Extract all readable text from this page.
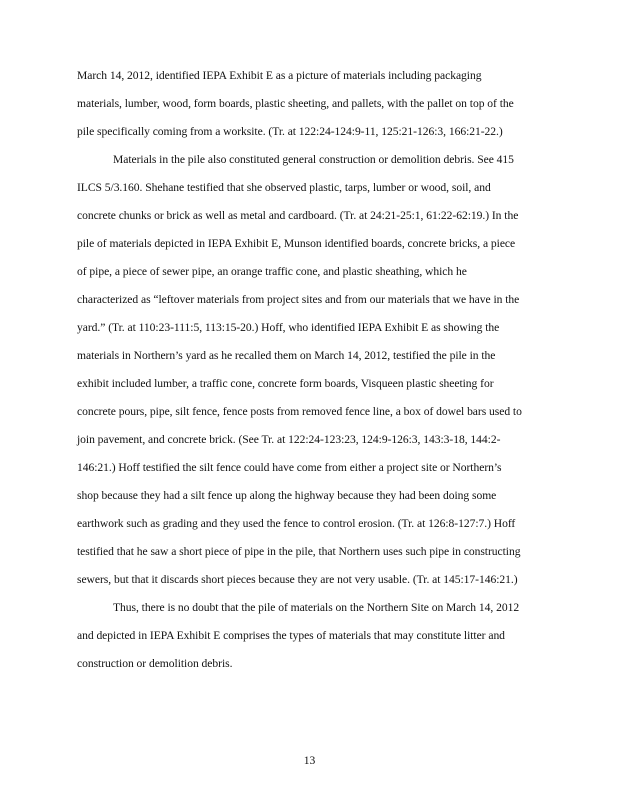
March 14, 2012, identified IEPA Exhibit E as a picture of materials including packaging
materials, lumber, wood, form boards, plastic sheeting, and pallets, with the pallet on top of the
pile specifically coming from a worksite. (Tr. at 122:24-124:9-11, 125:21-126:3, 166:21-22.)
Materials in the pile also constituted general construction or demolition debris. See 415
ILCS 5/3.160. Shehane testified that she observed plastic, tarps, lumber or wood, soil, and
concrete chunks or brick as well as metal and cardboard. (Tr. at 24:21-25:1, 61:22-62:19.) In the
pile of materials depicted in IEPA Exhibit E, Munson identified boards, concrete bricks, a piece
of pipe, a piece of sewer pipe, an orange traffic cone, and plastic sheathing, which he
characterized as “leftover materials from project sites and from our materials that we have in the
yard.” (Tr. at 110:23-111:5, 113:15-20.) Hoff, who identified IEPA Exhibit E as showing the
materials in Northern’s yard as he recalled them on March 14, 2012, testified the pile in the
exhibit included lumber, a traffic cone, concrete form boards, Visqueen plastic sheeting for
concrete pours, pipe, silt fence, fence posts from removed fence line, a box of dowel bars used to
join pavement, and concrete brick. (See Tr. at 122:24-123:23, 124:9-126:3, 143:3-18, 144:2-
146:21.) Hoff testified the silt fence could have come from either a project site or Northern’s
shop because they had a silt fence up along the highway because they had been doing some
earthwork such as grading and they used the fence to control erosion. (Tr. at 126:8-127:7.) Hoff
testified that he saw a short piece of pipe in the pile, that Northern uses such pipe in constructing
sewers, but that it discards short pieces because they are not very usable. (Tr. at 145:17-146:21.)
Thus, there is no doubt that the pile of materials on the Northern Site on March 14, 2012
and depicted in IEPA Exhibit E comprises the types of materials that may constitute litter and
construction or demolition debris.
13
